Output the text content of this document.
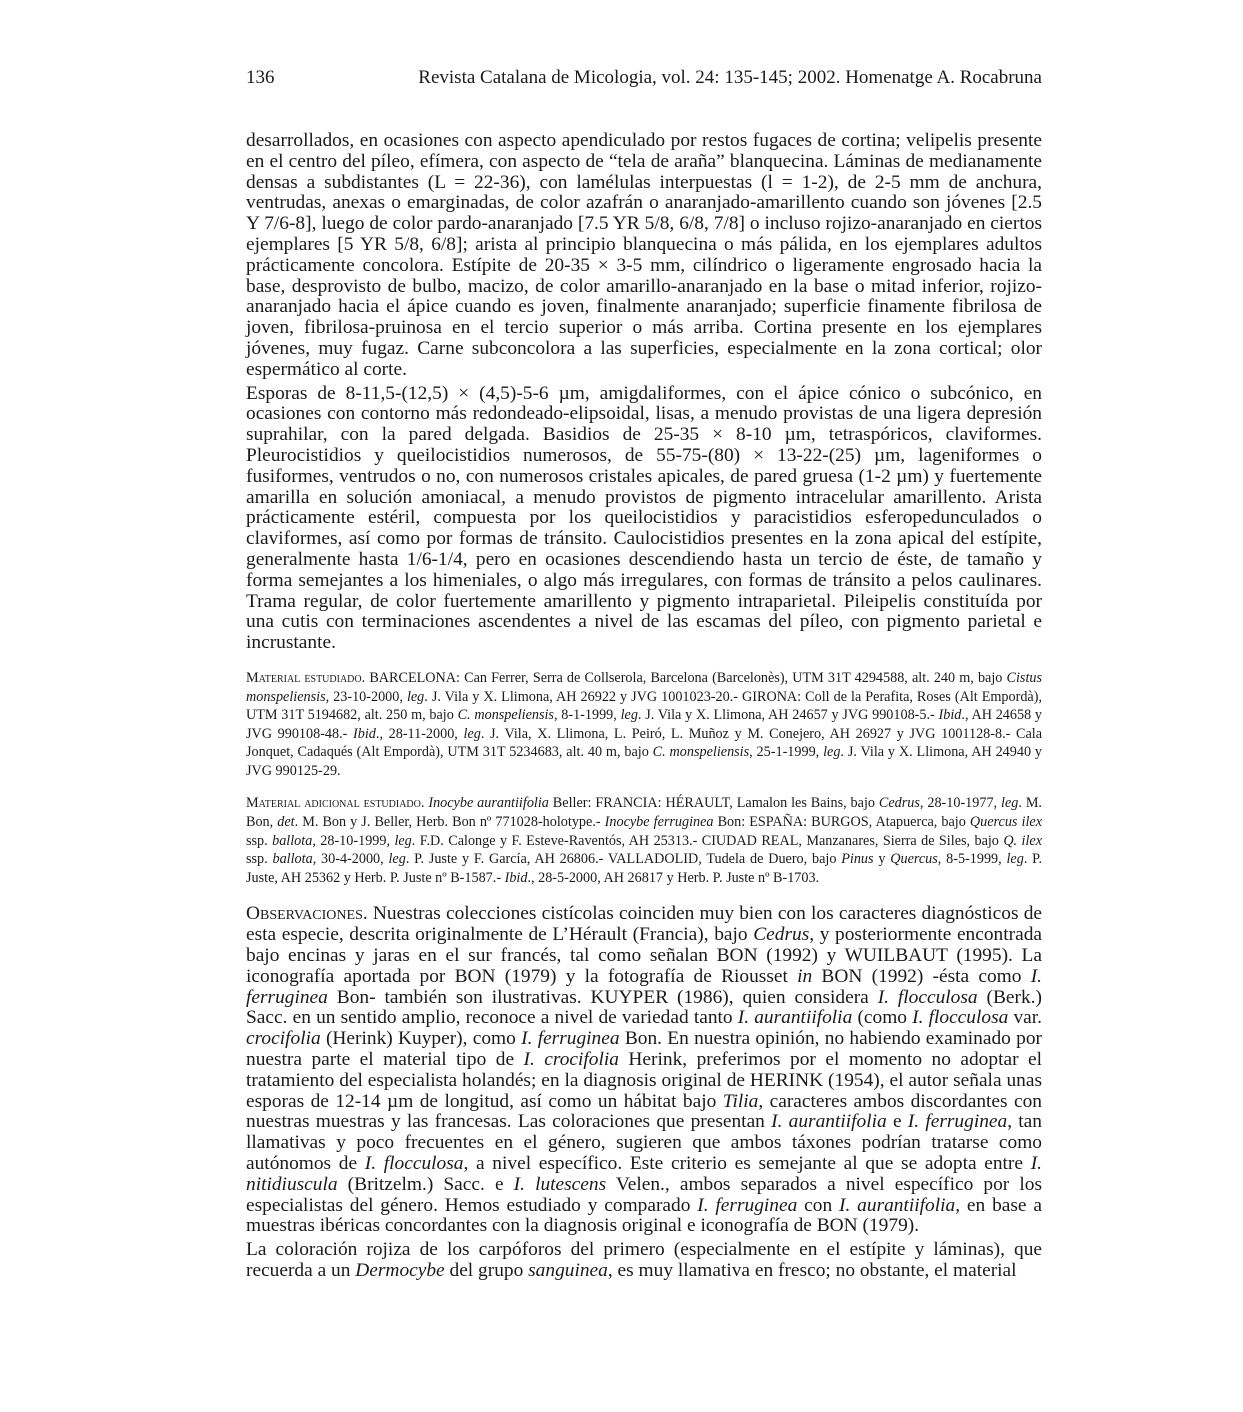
136	Revista Catalana de Micologia, vol. 24: 135-145; 2002. Homenatge A. Rocabruna

desarrollados, en ocasiones con aspecto apendiculado por restos fugaces de cortina; velipelis presente en el centro del píleo, efímera, con aspecto de “tela de araña” blanquecina. Láminas de medianamente densas a subdistantes (L = 22-36), con lamélulas interpuestas (l = 1-2), de 2-5 mm de anchura, ventrudas, anexas o emarginadas, de color azafrán o anaranjado-amarillento cuando son jóvenes [2.5 Y 7/6-8], luego de color pardo-anaranjado [7.5 YR 5/8, 6/8, 7/8] o incluso rojizo-anaranjado en ciertos ejemplares [5 YR 5/8, 6/8]; arista al principio blanquecina o más pálida, en los ejemplares adultos prácticamente concolora. Estípite de 20-35 × 3-5 mm, cilíndrico o ligeramente engrosado hacia la base, desprovisto de bulbo, macizo, de color amarillo-anaranjado en la base o mitad inferior, rojizo-anaranjado hacia el ápice cuando es joven, finalmente anaranjado; superficie finamente fibrilosa de joven, fibrilosa-pruinosa en el tercio superior o más arriba. Cortina presente en los ejemplares jóvenes, muy fugaz. Carne subconcolora a las superficies, especialmente en la zona cortical; olor espermático al corte.

Esporas de 8-11,5-(12,5) × (4,5)-5-6 µm, amigdaliformes, con el ápice cónico o subcónico, en ocasiones con contorno más redondeado-elipsoidal, lisas, a menudo provistas de una ligera depresión suprahilar, con la pared delgada. Basidios de 25-35 × 8-10 µm, tetraspóricos, claviformes. Pleurocistidios y queilocistidios numerosos, de 55-75-(80) × 13-22-(25) µm, lageniformes o fusiformes, ventrudos o no, con numerosos cristales apicales, de pared gruesa (1-2 µm) y fuertemente amarilla en solución amoniacal, a menudo provistos de pigmento intracelular amarillento. Arista prácticamente estéril, compuesta por los queilocistidios y paracistidios esferopedunculados o claviformes, así como por formas de tránsito. Caulocistidios presentes en la zona apical del estípite, generalmente hasta 1/6-1/4, pero en ocasiones descendiendo hasta un tercio de éste, de tamaño y forma semejantes a los himeniales, o algo más irregulares, con formas de tránsito a pelos caulinares. Trama regular, de color fuertemente amarillento y pigmento intraparietal. Pileipelis constituída por una cutis con terminaciones ascendentes a nivel de las escamas del píleo, con pigmento parietal e incrustante.

Material estudiado. BARCELONA: Can Ferrer, Serra de Collserola, Barcelona (Barcelonès), UTM 31T 4294588, alt. 240 m, bajo Cistus monspeliensis, 23-10-2000, leg. J. Vila y X. Llimona, AH 26922 y JVG 1001023-20.- GIRONA: Coll de la Perafita, Roses (Alt Empordà), UTM 31T 5194682, alt. 250 m, bajo C. monspeliensis, 8-1-1999, leg. J. Vila y X. Llimona, AH 24657 y JVG 990108-5.- Ibid., AH 24658 y JVG 990108-48.- Ibid., 28-11-2000, leg. J. Vila, X. Llimona, L. Peiró, L. Muñoz y M. Conejero, AH 26927 y JVG 1001128-8.- Cala Jonquet, Cadaqués (Alt Empordà), UTM 31T 5234683, alt. 40 m, bajo C. monspeliensis, 25-1-1999, leg. J. Vila y X. Llimona, AH 24940 y JVG 990125-29.

Material adicional estudiado. Inocybe aurantiifolia Beller: FRANCIA: HÉRAULT, Lamalon les Bains, bajo Cedrus, 28-10-1977, leg. M. Bon, det. M. Bon y J. Beller, Herb. Bon nº 771028-holotype.- Inocybe ferruginea Bon: ESPAÑA: BURGOS, Atapuerca, bajo Quercus ilex ssp. ballota, 28-10-1999, leg. F.D. Calonge y F. Esteve-Raventós, AH 25313.- CIUDAD REAL, Manzanares, Sierra de Siles, bajo Q. ilex ssp. ballota, 30-4-2000, leg. P. Juste y F. García, AH 26806.- VALLADOLID, Tudela de Duero, bajo Pinus y Quercus, 8-5-1999, leg. P. Juste, AH 25362 y Herb. P. Juste nº B-1587.- Ibid., 28-5-2000, AH 26817 y Herb. P. Juste nº B-1703.

Observaciones. Nuestras colecciones cistícolas coinciden muy bien con los caracteres diagnósticos de esta especie, descrita originalmente de L’Hérault (Francia), bajo Cedrus, y posteriormente encontrada bajo encinas y jaras en el sur francés, tal como señalan BON (1992) y WUILBAUT (1995). La iconografía aportada por BON (1979) y la fotografía de Riousset in BON (1992) -ésta como I. ferruginea Bon- también son ilustrativas. KUYPER (1986), quien considera I. flocculosa (Berk.) Sacc. en un sentido amplio, reconoce a nivel de variedad tanto I. aurantiifolia (como I. flocculosa var. crocifolia (Herink) Kuyper), como I. ferruginea Bon. En nuestra opinión, no habiendo examinado por nuestra parte el material tipo de I. crocifolia Herink, preferimos por el momento no adoptar el tratamiento del especialista holandés; en la diagnosis original de HERINK (1954), el autor señala unas esporas de 12-14 µm de longitud, así como un hábitat bajo Tilia, caracteres ambos discordantes con nuestras muestras y las francesas. Las coloraciones que presentan I. aurantiifolia e I. ferruginea, tan llamativas y poco frecuentes en el género, sugieren que ambos táxones podrían tratarse como autónomos de I. flocculosa, a nivel específico. Este criterio es semejante al que se adopta entre I. nitidiuscula (Britzelm.) Sacc. e I. lutescens Velen., ambos separados a nivel específico por los especialistas del género. Hemos estudiado y comparado I. ferruginea con I. aurantiifolia, en base a muestras ibéricas concordantes con la diagnosis original e iconografía de BON (1979).

La coloración rojiza de los carpóforos del primero (especialmente en el estípite y láminas), que recuerda a un Dermocybe del grupo sanguinea, es muy llamativa en fresco; no obstante, el material
